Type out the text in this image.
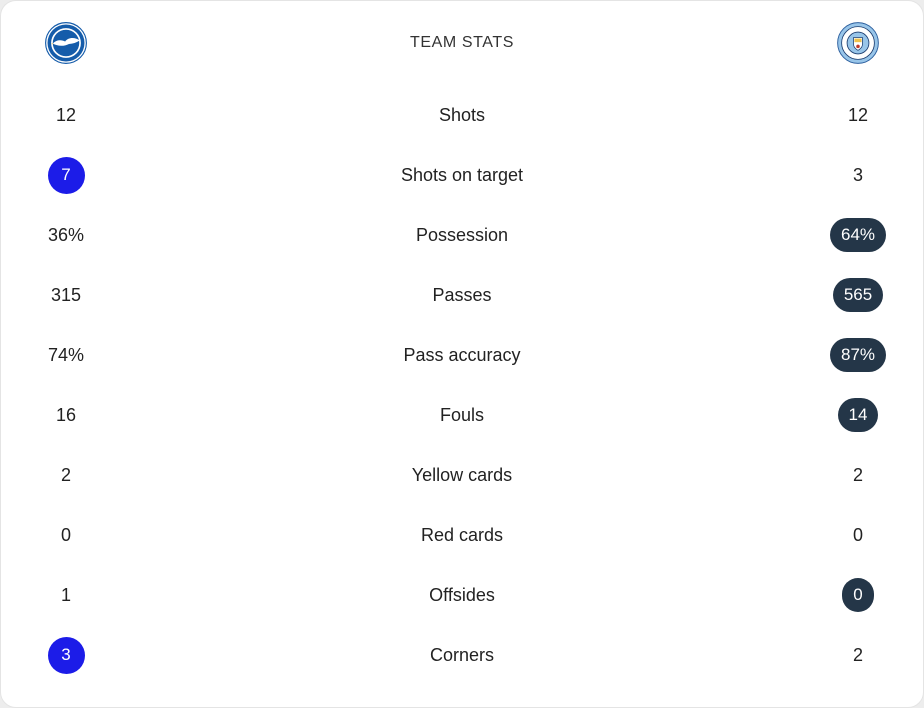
TEAM STATS
12	Shots	12
7	Shots on target	3
36%	Possession	64%
315	Passes	565
74%	Pass accuracy	87%
16	Fouls	14
2	Yellow cards	2
0	Red cards	0
1	Offsides	0
3	Corners	2
